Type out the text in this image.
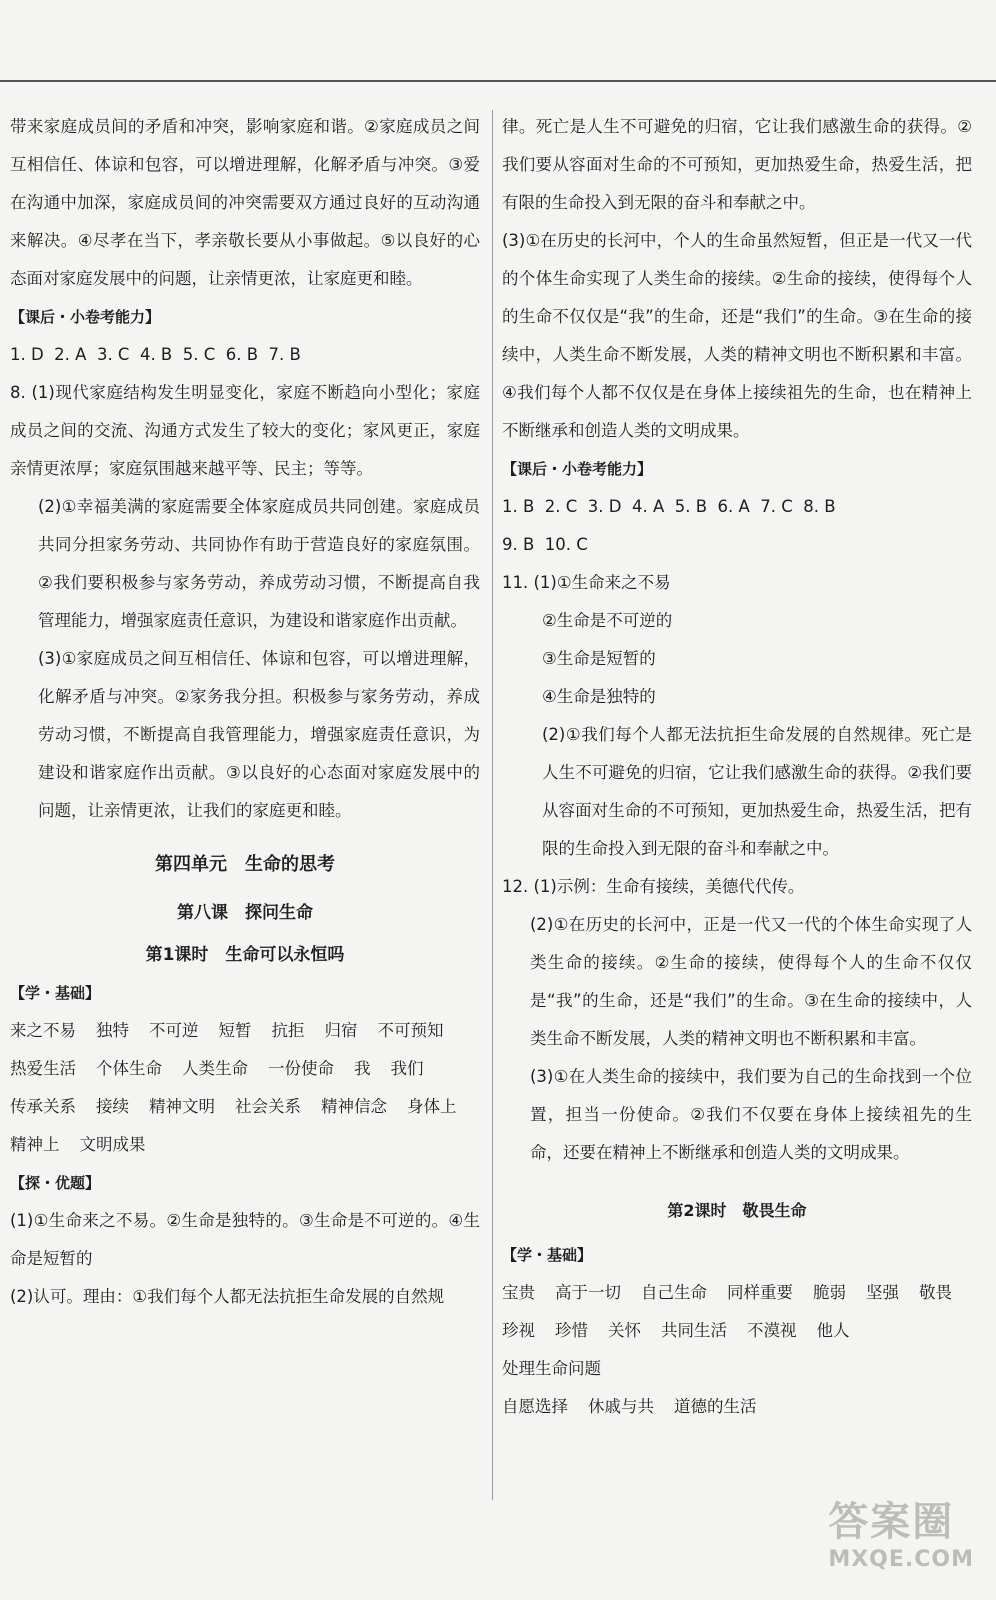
带来家庭成员间的矛盾和冲突，影响家庭和谐。②家庭成员之间互相信任、体谅和包容，可以增进理解，化解矛盾与冲突。③爱在沟通中加深，家庭成员间的冲突需要双方通过良好的互动沟通来解决。④尽孝在当下，孝亲敬长要从小事做起。⑤以良好的心态面对家庭发展中的问题，让亲情更浓，让家庭更和睦。

【课后・小卷考能力】

1. D  2. A  3. C  4. B  5. C  6. B  7. B

8. (1)现代家庭结构发生明显变化，家庭不断趋向小型化；家庭成员之间的交流、沟通方式发生了较大的变化；家风更正，家庭亲情更浓厚；家庭氛围越来越平等、民主；等等。

(2)①幸福美满的家庭需要全体家庭成员共同创建。家庭成员共同分担家务劳动、共同协作有助于营造良好的家庭氛围。②我们要积极参与家务劳动，养成劳动习惯，不断提高自我管理能力，增强家庭责任意识，为建设和谐家庭作出贡献。

(3)①家庭成员之间互相信任、体谅和包容，可以增进理解，化解矛盾与冲突。②家务我分担。积极参与家务劳动，养成劳动习惯，不断提高自我管理能力，增强家庭责任意识，为建设和谐家庭作出贡献。③以良好的心态面对家庭发展中的问题，让亲情更浓，让我们的家庭更和睦。

第四单元　生命的思考

第八课　探问生命

第1课时　生命可以永恒吗

【学・基础】

来之不易 独特 不可逆 短暂 抗拒 归宿 不可预知

热爱生活 个体生命 人类生命 一份使命 我 我们

传承关系 接续 精神文明 社会关系 精神信念 身体上

精神上 文明成果

【探・优题】

(1)①生命来之不易。②生命是独特的。③生命是不可逆的。④生命是短暂的

(2)认可。理由：①我们每个人都无法抗拒生命发展的自然规

律。死亡是人生不可避免的归宿，它让我们感激生命的获得。②我们要从容面对生命的不可预知，更加热爱生命，热爱生活，把有限的生命投入到无限的奋斗和奉献之中。

(3)①在历史的长河中，个人的生命虽然短暂，但正是一代又一代的个体生命实现了人类生命的接续。②生命的接续，使得每个人的生命不仅仅是“我”的生命，还是“我们”的生命。③在生命的接续中，人类生命不断发展，人类的精神文明也不断积累和丰富。④我们每个人都不仅仅是在身体上接续祖先的生命，也在精神上不断继承和创造人类的文明成果。

【课后・小卷考能力】

1. B  2. C  3. D  4. A  5. B  6. A  7. C  8. B

9. B  10. C

11. (1)①生命来之不易

②生命是不可逆的

③生命是短暂的

④生命是独特的

(2)①我们每个人都无法抗拒生命发展的自然规律。死亡是人生不可避免的归宿，它让我们感激生命的获得。②我们要从容面对生命的不可预知，更加热爱生命，热爱生活，把有限的生命投入到无限的奋斗和奉献之中。

12. (1)示例：生命有接续，美德代代传。

(2)①在历史的长河中，正是一代又一代的个体生命实现了人类生命的接续。②生命的接续，使得每个人的生命不仅仅是“我”的生命，还是“我们”的生命。③在生命的接续中，人类生命不断发展，人类的精神文明也不断积累和丰富。

(3)①在人类生命的接续中，我们要为自己的生命找到一个位置，担当一份使命。②我们不仅要在身体上接续祖先的生命，还要在精神上不断继承和创造人类的文明成果。

第2课时　敬畏生命

【学・基础】

宝贵 高于一切 自己生命 同样重要 脆弱 坚强 敬畏

珍视 珍惜 关怀 共同生活 不漠视 他人处理生命问题

自愿选择 休戚与共 道德的生活

答案圈
MXQE.COM
